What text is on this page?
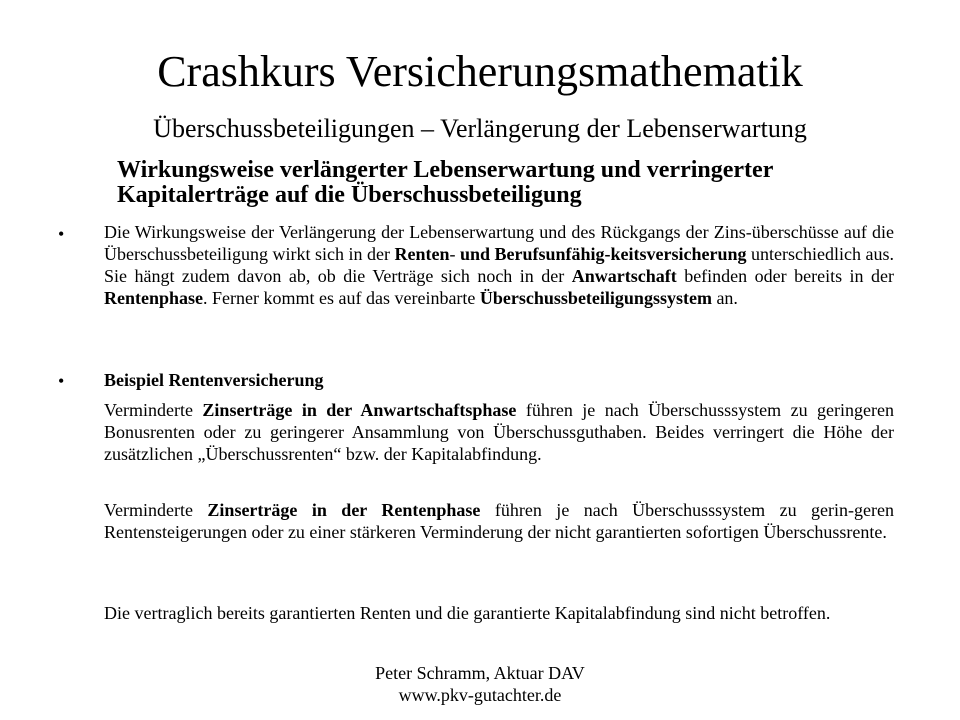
Crashkurs Versicherungsmathematik
Überschussbeteiligungen – Verlängerung der Lebenserwartung
Wirkungsweise verlängerter Lebenserwartung und verringerter
Kapitalerträge auf die Überschussbeteiligung
• Die Wirkungsweise der Verlängerung der Lebenserwartung und des Rückgangs der Zins-überschüsse auf die Überschussbeteiligung wirkt sich in der Renten- und Berufsunfähig-keitsversicherung unterschiedlich aus. Sie hängt zudem davon ab, ob die Verträge sich noch in der Anwartschaft befinden oder bereits in der Rentenphase. Ferner kommt es auf das vereinbarte Überschussbeteiligungssystem an.
• Beispiel Rentenversicherung
Verminderte Zinserträge in der Anwartschaftsphase führen je nach Überschusssystem zu geringeren Bonusrenten oder zu geringerer Ansammlung von Überschussguthaben. Beides verringert die Höhe der zusätzlichen „Überschussrenten“ bzw. der Kapitalabfindung.
Verminderte Zinserträge in der Rentenphase führen je nach Überschusssystem zu gerin-geren Rentensteigerungen oder zu einer stärkeren Verminderung der nicht garantierten sofortigen Überschussrente.
Die vertraglich bereits garantierten Renten und die garantierte Kapitalabfindung sind nicht betroffen.
Peter Schramm, Aktuar DAV
www.pkv-gutachter.de
